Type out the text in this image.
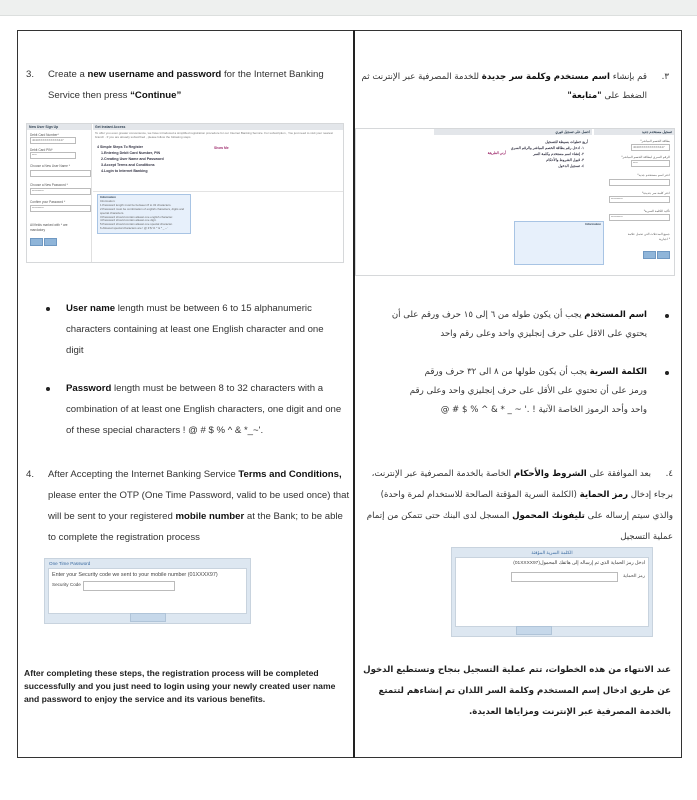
3. Create a new username and password for the Internet Banking
Service then press “Continue”
New User Sign Up	Get Instant Access
Debit Card Number*
4040XXXXXXXXXX447
Debit Card PIN*
****
Choose a New User Name *
Choose a New Password *
**********
Confirm your Password *
**********
All fields marked with * are mandatory
To offer you even greater convenience, we have introduced a simplified registration procedure for our Internet Banking Service. For subscription , You just need to visit your nearest branch . If you are already subscribed , please follow the following steps
4 Simple Steps To Register
1.Entering Debit Card Number, PIN
2.Creating User Name and Password
3.Accept Terms and Conditions
4.Login to Internet Banking
Show Me
Information
Information:
1.Password length must be between 8 to 32 characters.
2.Password must be combination of english characters, digits and special characters.
3.Password should contain atleast one english character.
4.Password should contain atleast one digit.
5.Password should contain atleast one special character.
6.Allowed special characters are ! @ # $ % ^ & * _ ~ '
User name length must be between 6 to 15 alphanumeric
characters containing at least one English character and one
digit
Password length must be between 8 to 32 characters with a
combination of at least one English characters, one digit and one
of these special characters ! @ # $ % ^ & *_~'.
4. After Accepting the Internet Banking Service Terms and Conditions,
please enter the OTP (One Time Password, valid to be used once) that
will be sent to your registered mobile number at the Bank; to be able
to complete the registration process
One Time Password
Enter your Security code we sent to your mobile number (01XXXX97)
Security Code
After completing these steps, the registration process will be completed successfully and you just need to login using your newly created user name and password to enjoy the service and its various benefits.
٣.قم بإنشاء اسم مستخدم وكلمة سر جديدة للخدمة المصرفية عبر الإنترنت ثم
الضغط على "متابعة"
تسجيل مستخدم جديد
احصل على تسجيل فوري
بطاقة الخصم المباشر*
4040XXXXXXXXXX447
الرقم السري لبطاقة الخصم المباشر*
****
اختر اسم مستخدم جديد*
اختر كلمة سر جديدة*
**********
تأكيد الكلمة السرية*
**********
جميع المدخلات التي تحمل علامة * اجبارية
أربع خطوات بسيطة للتسجيل
١. ادخل رقم بطاقة الخصم المباشر والرقم السري
٢. إنشاء اسم مستخدم وكلمة السر
٣. قبول الشروط والأحكام
٤. تسجيل الدخول
أرني الطريقة
Information
اسم المستخدم يجب أن يكون طوله من ٦ إلى ١٥ حرف ورقم على أن
يحتوي على الاقل على حرف إنجليزي واحد وعلى رقم واحد
الكلمة السرية يجب أن يكون طولها من ٨ الى ٣٢ حرف ورقم
ورمز على أن تحتوي على الأقل على حرف إنجليزي واحد وعلى رقم
واحد وأحد الرموز الخاصة الآتية ! .' ~ _ * & ^ % $ # @
٤.بعد الموافقة على الشروط والأحكام الخاصة بالخدمة المصرفية عبر الإنترنت،
برجاء إدخال رمز الحماية (الكلمة السرية المؤقتة الصالحة للاستخدام لمرة واحدة)
والذي سيتم إرساله على تليفونك المحمول المسجل لدى البنك حتى تتمكن من إتمام
عملية التسجيل
الكلمة السرية المؤقتة
ادخل رمز الحماية الذي تم إرساله إلى هاتفك المحمول(01XXXX97)
رمز الحماية
عند الانتهاء من هذه الخطوات، تتم عملية التسجيل بنجاح وتستطيع الدخول عن طريق ادخال إسم المستخدم وكلمة السر اللذان تم إنشاءهم لتتمتع بالخدمة المصرفية عبر الإنترنت ومزاياها العديدة.
